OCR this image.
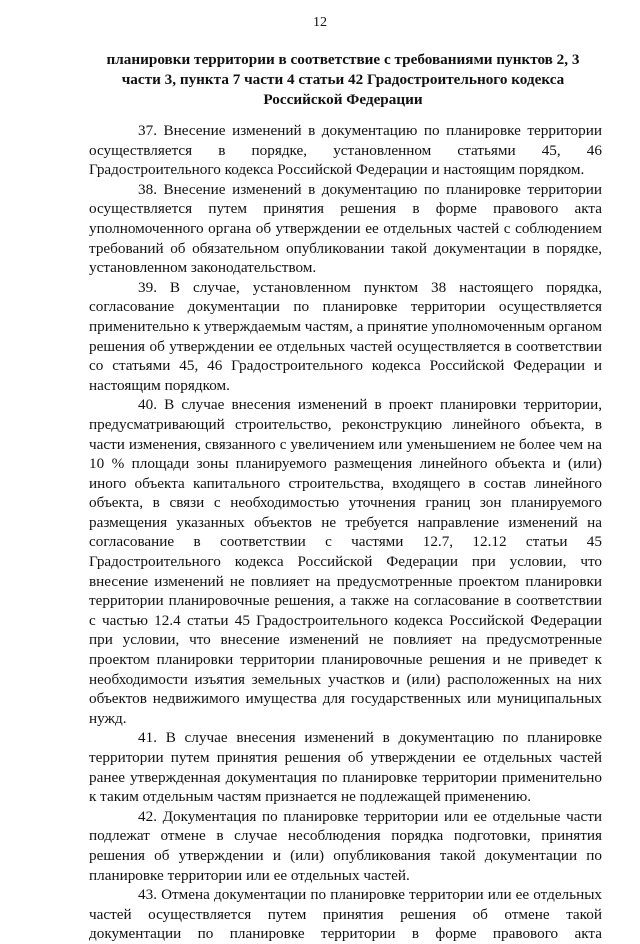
12
планировки территории в соответствие с требованиями пунктов 2, 3 части 3, пункта 7 части 4 статьи 42 Градостроительного кодекса Российской Федерации

37. Внесение изменений в документацию по планировке территории осуществляется в порядке, установленном статьями 45, 46 Градостроительного кодекса Российской Федерации и настоящим порядком.

38. Внесение изменений в документацию по планировке территории осуществляется путем принятия решения в форме правового акта уполномоченного органа об утверждении ее отдельных частей с соблюдением требований об обязательном опубликовании такой документации в порядке, установленном законодательством.

39. В случае, установленном пунктом 38 настоящего порядка, согласование документации по планировке территории осуществляется применительно к утверждаемым частям, а принятие уполномоченным органом решения об утверждении ее отдельных частей осуществляется в соответствии со статьями 45, 46 Градостроительного кодекса Российской Федерации и настоящим порядком.

40. В случае внесения изменений в проект планировки территории, предусматривающий строительство, реконструкцию линейного объекта, в части изменения, связанного с увеличением или уменьшением не более чем на 10 % площади зоны планируемого размещения линейного объекта и (или) иного объекта капитального строительства, входящего в состав линейного объекта, в связи с необходимостью уточнения границ зон планируемого размещения указанных объектов не требуется направление изменений на согласование в соответствии с частями 12.7, 12.12 статьи 45 Градостроительного кодекса Российской Федерации при условии, что внесение изменений не повлияет на предусмотренные проектом планировки территории планировочные решения, а также на согласование в соответствии с частью 12.4 статьи 45 Градостроительного кодекса Российской Федерации при условии, что внесение изменений не повлияет на предусмотренные проектом планировки территории планировочные решения и не приведет к необходимости изъятия земельных участков и (или) расположенных на них объектов недвижимого имущества для государственных или муниципальных нужд.

41. В случае внесения изменений в документацию по планировке территории путем принятия решения об утверждении ее отдельных частей ранее утвержденная документация по планировке территории применительно к таким отдельным частям признается не подлежащей применению.

42. Документация по планировке территории или ее отдельные части подлежат отмене в случае несоблюдения порядка подготовки, принятия решения об утверждении и (или) опубликования такой документации по планировке территории или ее отдельных частей.

43. Отмена документации по планировке территории или ее отдельных частей осуществляется путем принятия решения об отмене такой документации по планировке территории в форме правового акта
